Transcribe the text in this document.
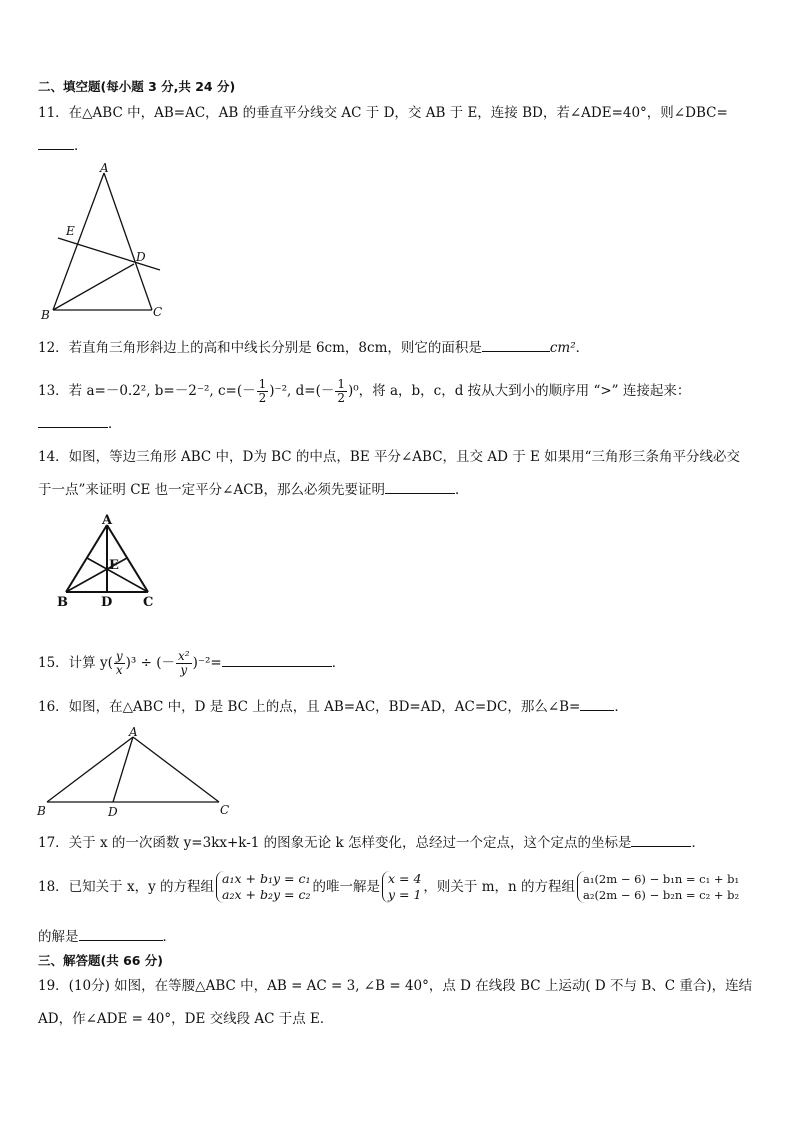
二、填空题(每小题 3 分,共 24 分)
11．在△ABC 中，AB=AC，AB 的垂直平分线交 AC 于 D，交 AB 于 E，连接 BD，若∠ADE=40°，则∠DBC=
．
A
E
D
B	C
12．若直角三角形斜边上的高和中线长分别是 6cm，8cm，则它的面积是	cm²．
13．若 a=－0.2², b=－2⁻², $c=(- \frac{1}{2} )^{-2}$, $d=(- \frac{1}{2} )^0$，将 a，b，c，d 按从大到小的顺序用 “>” 连接起来：
．
14．如图，等边三角形 ABC 中，D为 BC 的中点，BE 平分∠ABC，且交 AD 于 E 如果用“三角形三条角平分线必交
于一点”来证明 CE 也一定平分∠ACB，那么必须先要证明	．
A
E
B	D C
15．计算 $y( \frac{y}{x} )^3$ ÷ (－ $\frac{\text{x²}}{y} )^{-2}=$	．
16．如图，在△ABC 中，D 是 BC 上的点，且 AB=AC，BD=AD，AC=DC，那么∠B=	．
A
B	D	C
17．关于 x 的一次函数 y=3kx+k-1 的图象无论 k 怎样变化，总经过一个定点，这个定点的坐标是	．
18．已知关于 x，y 的方程组
a₁x + b₁y = c₁
a₂x + b₂y = c₂ 的唯一解是
x = 4
y = 1 ，则关于 m，n 的方程组 a₁(2m − 6) − b₁n = c₁ + b₁
a₂(2m − 6) − b₂n = c₂ + b₂
的解是	．
三、解答题(共 66 分)
19．(10分) 如图，在等腰△ABC 中，AB = AC = 3, ∠B = 40°，点 D 在线段 BC 上运动( D 不与 B、C 重合)，连结
AD，作∠ADE = 40°，DE 交线段 AC 于点 E．
